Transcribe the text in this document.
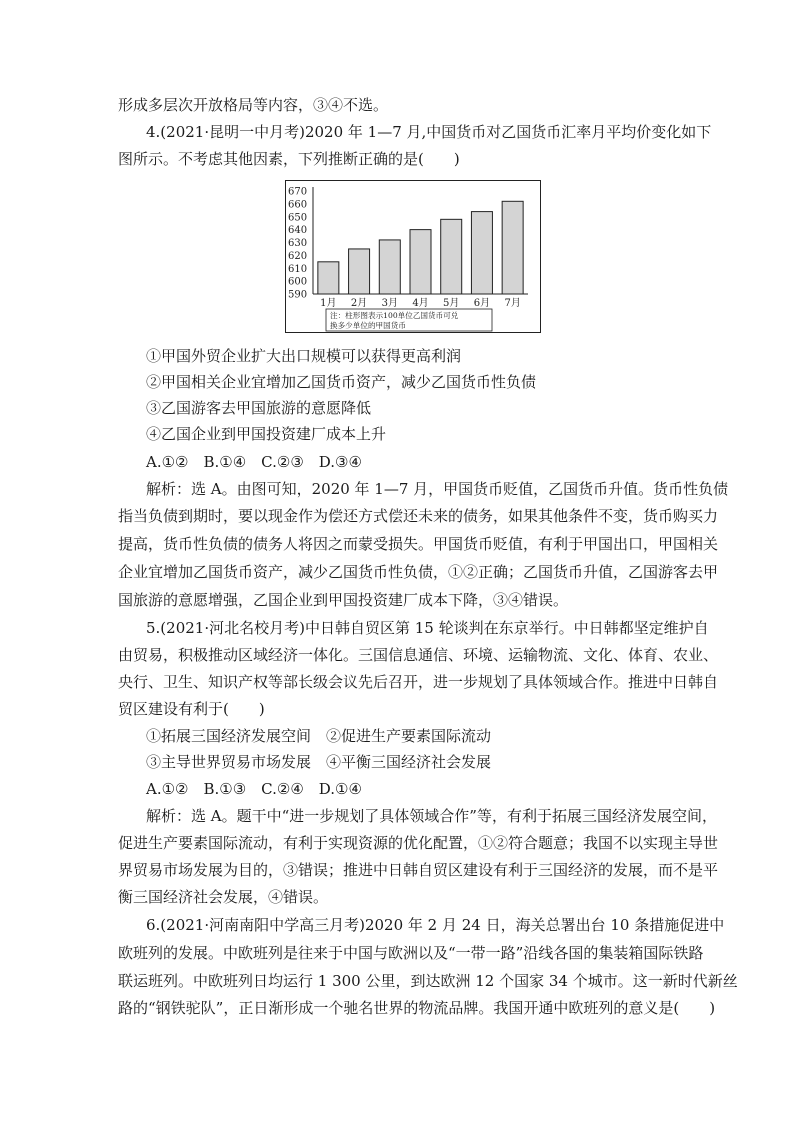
形成多层次开放格局等内容，③④不选。
4.(2021·昆明一中月考)2020 年 1—7 月,中国货币对乙国货币汇率月平均价变化如下
图所示。不考虑其他因素，下列推断正确的是(　　)
670
660
650
640
630
620
610
600
590
1月 2月 3月 4月 5月 6月 7月
注：柱形图表示100单位乙国货币可兑
换多少单位的甲国货币
①甲国外贸企业扩大出口规模可以获得更高利润
②甲国相关企业宜增加乙国货币资产，减少乙国货币性负债
③乙国游客去甲国旅游的意愿降低
④乙国企业到甲国投资建厂成本上升
A.①②　B.①④　C.②③　D.③④
解析：选 A。由图可知，2020 年 1—7 月，甲国货币贬值，乙国货币升值。货币性负债
指当负债到期时，要以现金作为偿还方式偿还未来的债务，如果其他条件不变，货币购买力
提高，货币性负债的债务人将因之而蒙受损失。甲国货币贬值，有利于甲国出口，甲国相关
企业宜增加乙国货币资产，减少乙国货币性负债，①②正确；乙国货币升值，乙国游客去甲
国旅游的意愿增强，乙国企业到甲国投资建厂成本下降，③④错误。
5.(2021·河北名校月考)中日韩自贸区第 15 轮谈判在东京举行。中日韩都坚定维护自
由贸易，积极推动区域经济一体化。三国信息通信、环境、运输物流、文化、体育、农业、
央行、卫生、知识产权等部长级会议先后召开，进一步规划了具体领域合作。推进中日韩自
贸区建设有利于(　　)
①拓展三国经济发展空间　②促进生产要素国际流动
③主导世界贸易市场发展　④平衡三国经济社会发展
A.①②　B.①③　C.②④　D.①④
解析：选 A。题干中“进一步规划了具体领域合作”等，有利于拓展三国经济发展空间，
促进生产要素国际流动，有利于实现资源的优化配置，①②符合题意；我国不以实现主导世
界贸易市场发展为目的，③错误；推进中日韩自贸区建设有利于三国经济的发展，而不是平
衡三国经济社会发展，④错误。
6.(2021·河南南阳中学高三月考)2020 年 2 月 24 日，海关总署出台 10 条措施促进中
欧班列的发展。中欧班列是往来于中国与欧洲以及“一带一路”沿线各国的集装箱国际铁路
联运班列。中欧班列日均运行 1 300 公里，到达欧洲 12 个国家 34 个城市。这一新时代新丝
路的“钢铁驼队”，正日渐形成一个驰名世界的物流品牌。我国开通中欧班列的意义是(　　)
